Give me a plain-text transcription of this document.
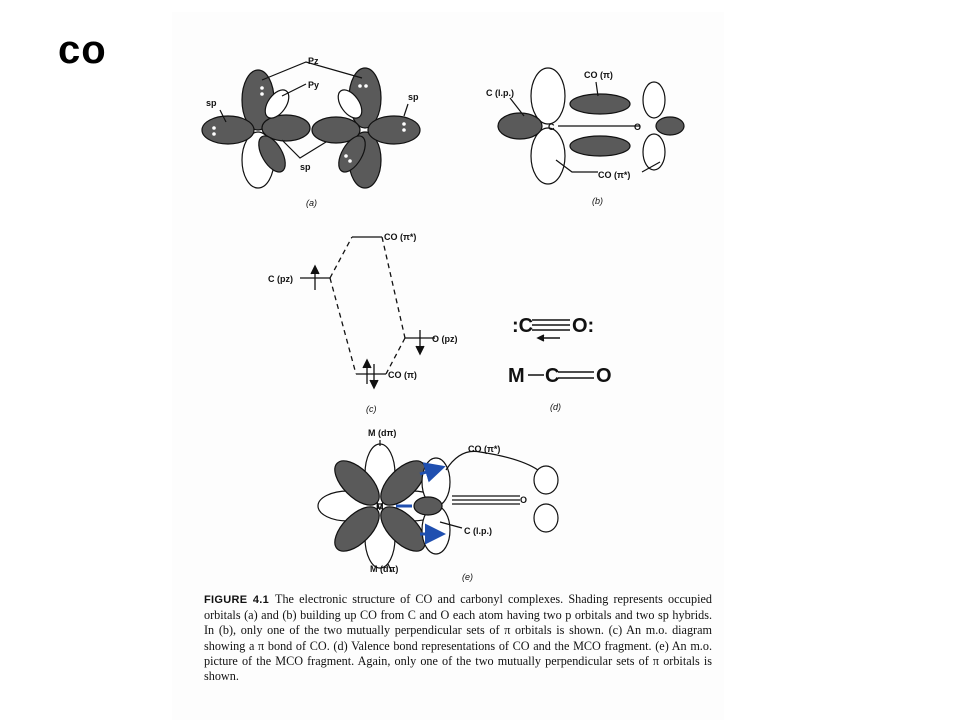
co	Pz
Py
sp
sp
sp
(a)
C (l.p.)
CO (π)
CO (π*)
C	O
(b)
CO (π*)
C (pz)
O (pz)
CO (π)
(c)
:C O:
M C O
(d)
M (dπ)
CO (π*)
C (l.p.)
M (dπ)
M
O
(e)
FIGURE 4.1 The electronic structure of CO and carbonyl complexes. Shading represents occupied orbitals (a) and (b) building up CO from C and O each atom having two p orbitals and two sp hybrids. In (b), only one of the two mutually perpendicular sets of π orbitals is shown. (c) An m.o. diagram showing a π bond of CO. (d) Valence bond representations of CO and the MCO fragment. (e) An m.o. picture of the MCO fragment. Again, only one of the two mutually perpendicular sets of π orbitals is shown.
